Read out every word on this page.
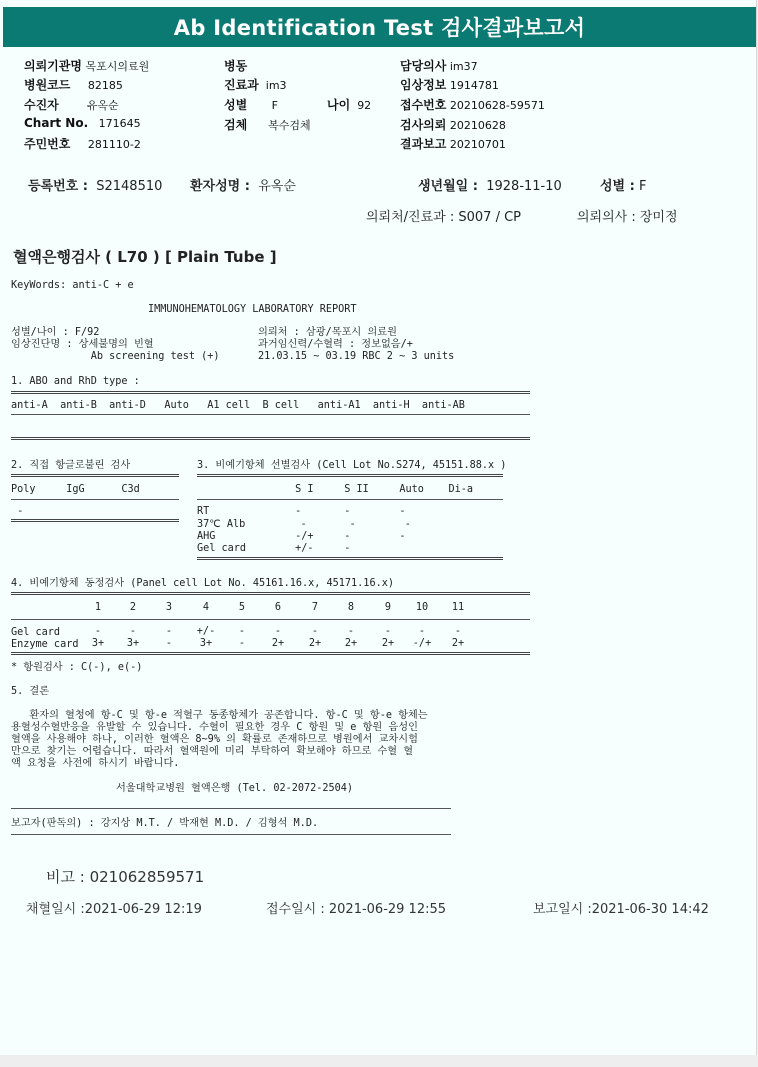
Ab Identification Test 검사결과보고서
의뢰기관명 목포시의료원
병원코드 82185
수진자	유옥순
Chart No. 171645
주민번호 281110-2
병동
진료과 im3
성별 F	나이 92
검체 복수검체
담당의사 im37
임상정보 1914781
접수번호 20210628-59571
검사의뢰 20210628
결과보고 20210701
등록번호 : S2148510 환자성명 : 유옥순	생년월일 : 1928-11-10	성별 : F
의뢰처/진료과 : S007 / CP	의뢰의사 : 장미정
혈액은행검사 ( L70 ) [ Plain Tube ]
KeyWords: anti-C + e
IMMUNOHEMATOLOGY LABORATORY REPORT
성별/나이 : F/92
임상진단명 : 상세불명의 빈혈
Ab screening test (+)
의뢰처 : 삼광/목포시 의료원
과거임신력/수혈력 : 정보없음/+
21.03.15 ~ 03.19 RBC 2 ~ 3 units
1. ABO and RhD type :
anti-A  anti-B  anti-D   Auto   A1 cell  B cell   anti-A1  anti-H  anti-AB
2. 직접 항글로불린 검사
Poly     IgG      C3d
-
3. 비예기항체 선별검사 (Cell Lot No.S274, 45151.88.x )
S I     S II     Auto    Di-a
RT              -       -        -
37℃ Alb         -       -        -
AHG             -/+     -        -
Gel card        +/-     -
4. 비예기항체 동정검사 (Panel cell Lot No. 45161.16.x, 45171.16.x)
1	2	3	4	5	6	7	8	9	10	11
Gel card	-	-	-	+/-	-	-	-	-	-	-	-
Enzyme card	3+	3+	-	3+	-	2+	2+	2+	2+	-/+	2+
* 항원검사 : C(-), e(-)
5. 결론
환자의 혈청에 항-C 및 항-e 적혈구 동종항체가 공존합니다. 항-C 및 항-e 항체는
용혈성수혈반응을 유발할 수 있습니다. 수혈이 필요한 경우 C 항원 및 e 항원 음성인
혈액을 사용해야 하나, 이러한 혈액은 8~9% 의 확률로 존재하므로 병원에서 교차시험
만으로 찾기는 어렵습니다. 따라서 혈액원에 미리 부탁하여 확보해야 하므로 수혈 혈
액 요청을 사전에 하시기 바랍니다.
서울대학교병원 혈액은행 (Tel. 02-2072-2504)
보고자(판독의) : 강지상 M.T. / 박재현 M.D. / 김형석 M.D.
비고 : 021062859571
채혈일시 :2021-06-29 12:19	접수일시 : 2021-06-29 12:55	보고일시 :2021-06-30 14:42
